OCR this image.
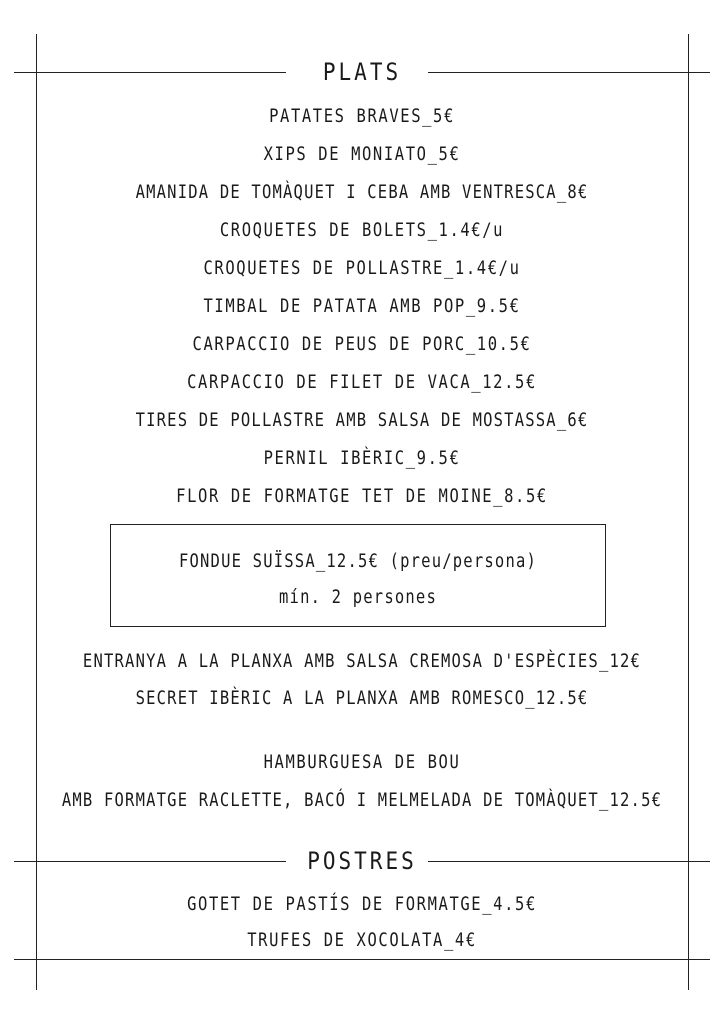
PLATS
PATATES BRAVES_5€
XIPS DE MONIATO_5€
AMANIDA DE TOMÀQUET I CEBA AMB VENTRESCA_8€
CROQUETES DE BOLETS_1.4€/u
CROQUETES DE POLLASTRE_1.4€/u
TIMBAL DE PATATA AMB POP_9.5€
CARPACCIO DE PEUS DE PORC_10.5€
CARPACCIO DE FILET DE VACA_12.5€
TIRES DE POLLASTRE AMB SALSA DE MOSTASSA_6€
PERNIL IBÈRIC_9.5€
FLOR DE FORMATGE TET DE MOINE_8.5€
FONDUE SUÏSSA_12.5€ (preu/persona)
mín. 2 persones
ENTRANYA A LA PLANXA AMB SALSA CREMOSA D'ESPÈCIES_12€
SECRET IBÈRIC A LA PLANXA AMB ROMESCO_12.5€
HAMBURGUESA DE BOU
AMB FORMATGE RACLETTE, BACÓ I MELMELADA DE TOMÀQUET_12.5€
POSTRES
GOTET DE PASTÍS DE FORMATGE_4.5€
TRUFES DE XOCOLATA_4€
